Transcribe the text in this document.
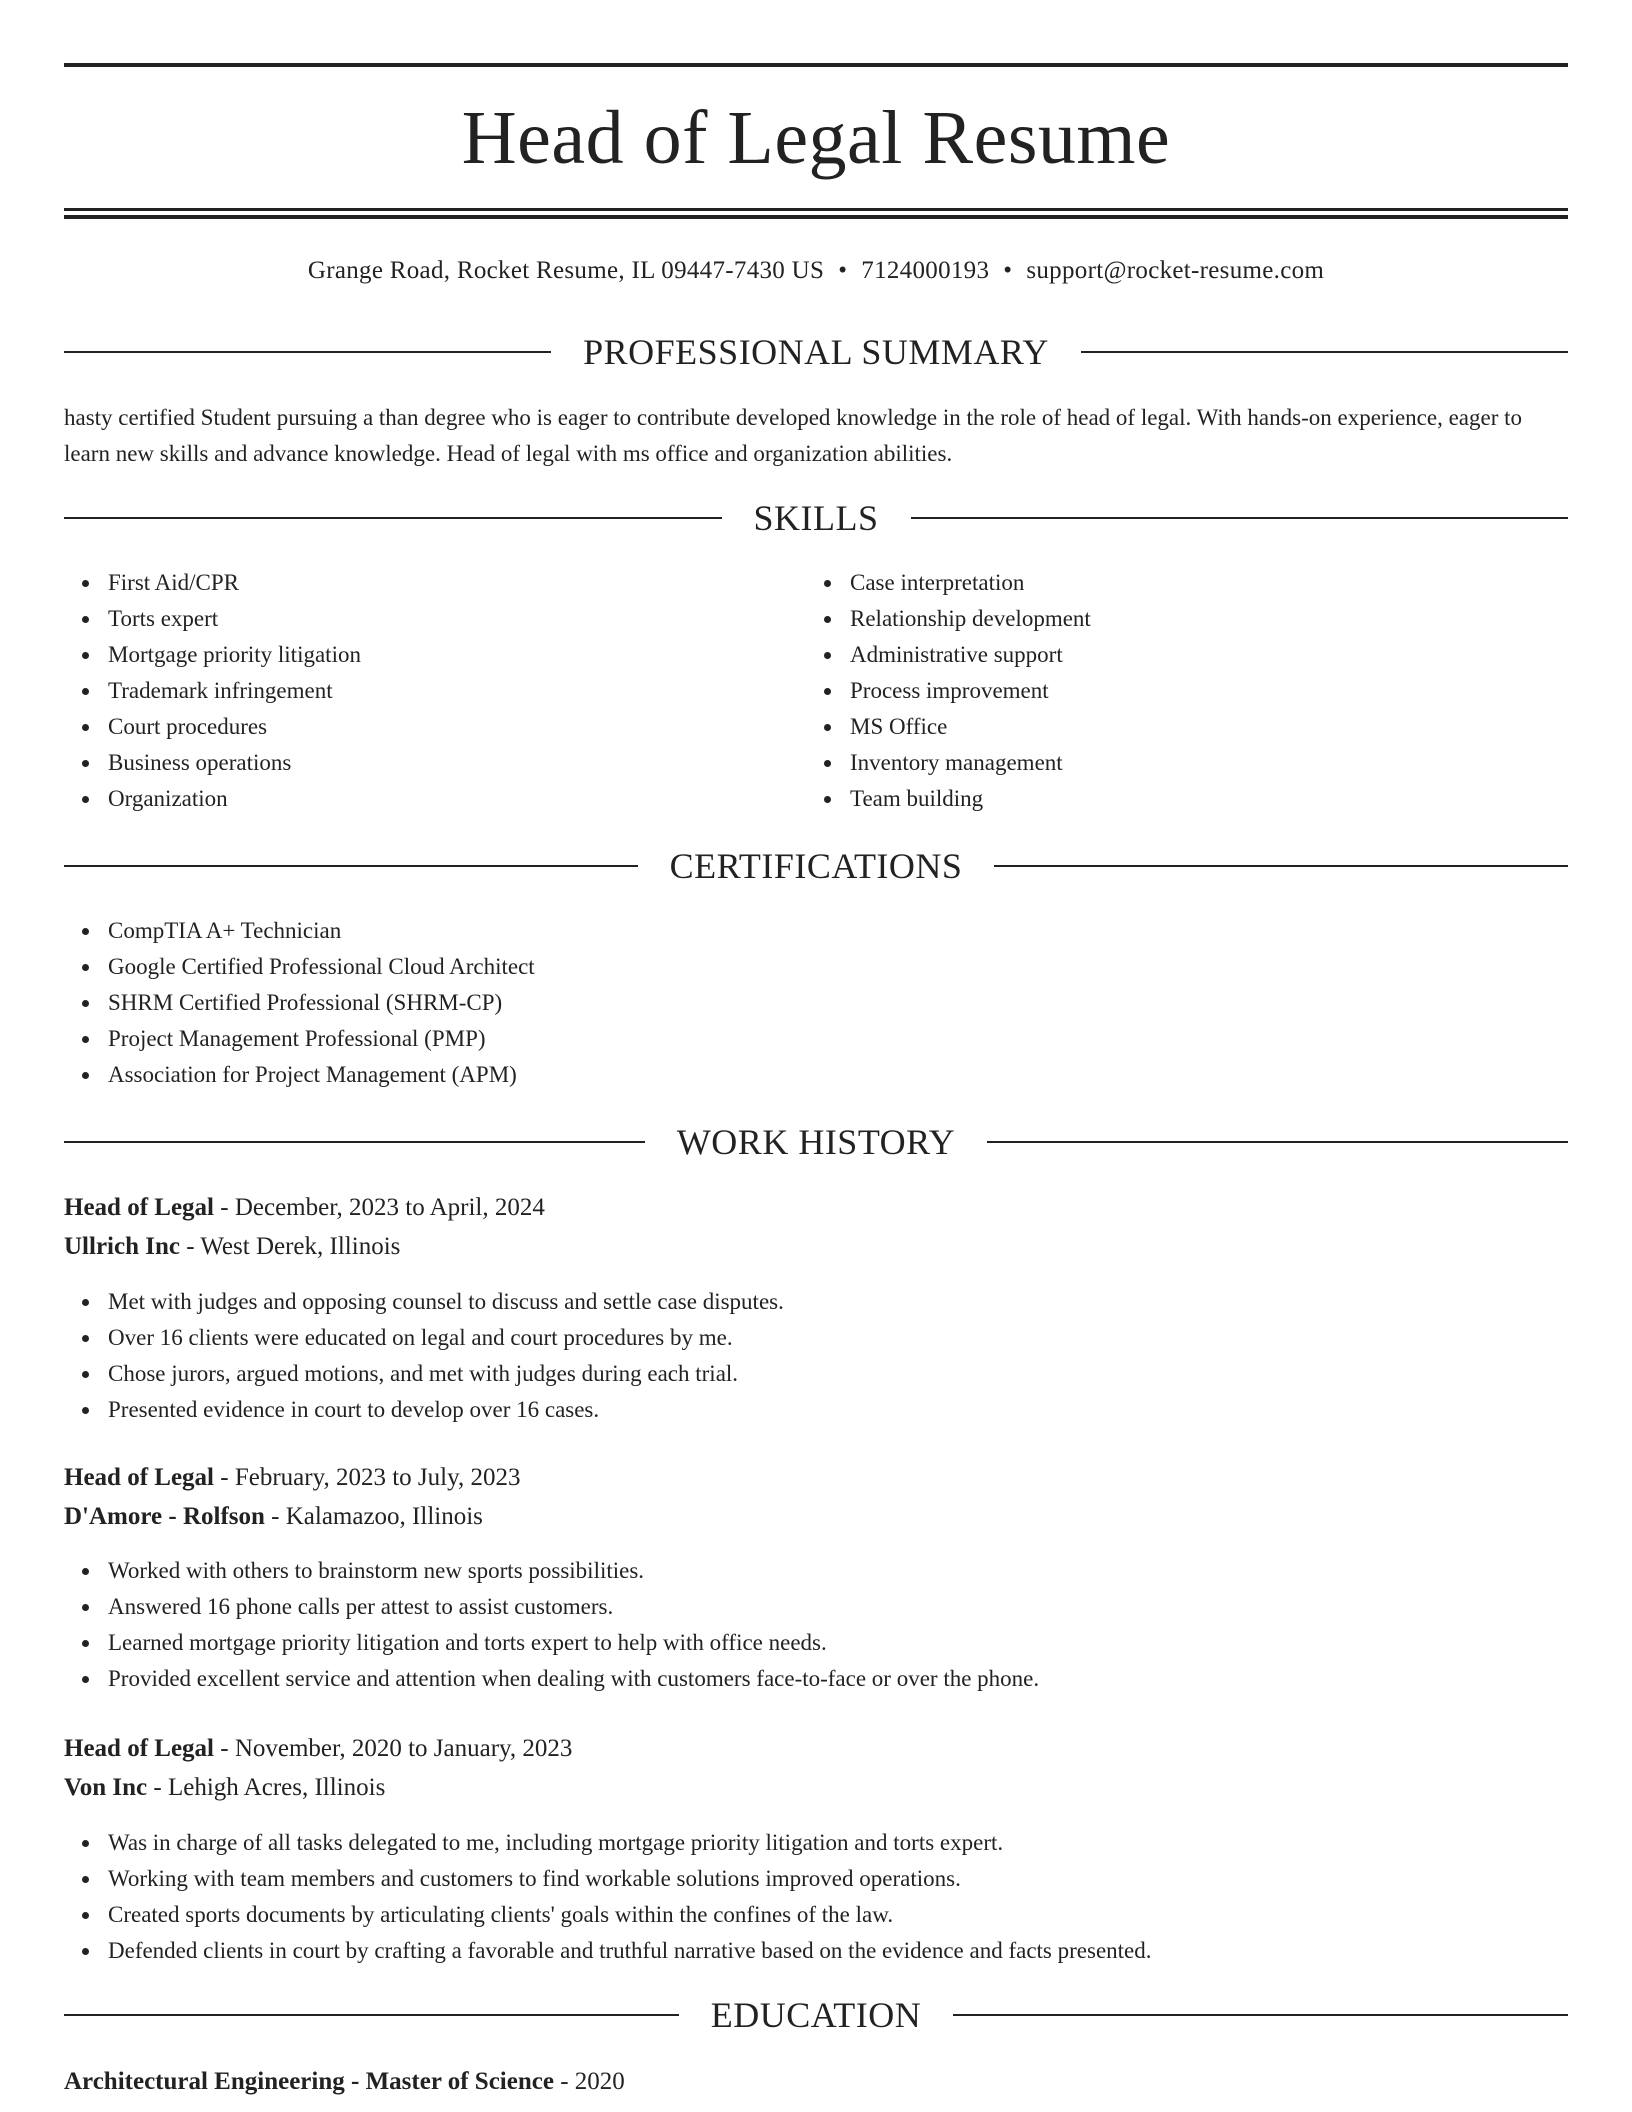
Head of Legal Resume
Grange Road, Rocket Resume, IL 09447-7430 US • 7124000193 • support@rocket-resume.com
PROFESSIONAL SUMMARY

hasty certified Student pursuing a than degree who is eager to contribute developed knowledge in the role of head of legal. With hands-on experience, eager to learn new skills and advance knowledge. Head of legal with ms office and organization abilities.

SKILLS
First Aid/CPR
Torts expert
Mortgage priority litigation
Trademark infringement
Court procedures
Business operations
Organization
Case interpretation
Relationship development
Administrative support
Process improvement
MS Office
Inventory management
Team building
CERTIFICATIONS
CompTIA A+ Technician
Google Certified Professional Cloud Architect
SHRM Certified Professional (SHRM-CP)
Project Management Professional (PMP)
Association for Project Management (APM)
WORK HISTORY

Head of Legal - December, 2023 to April, 2024

Ullrich Inc - West Derek, Illinois

Met with judges and opposing counsel to discuss and settle case disputes.
Over 16 clients were educated on legal and court procedures by me.
Chose jurors, argued motions, and met with judges during each trial.
Presented evidence in court to develop over 16 cases.

Head of Legal - February, 2023 to July, 2023

D'Amore - Rolfson - Kalamazoo, Illinois

Worked with others to brainstorm new sports possibilities.
Answered 16 phone calls per attest to assist customers.
Learned mortgage priority litigation and torts expert to help with office needs.
Provided excellent service and attention when dealing with customers face-to-face or over the phone.

Head of Legal - November, 2020 to January, 2023

Von Inc - Lehigh Acres, Illinois

Was in charge of all tasks delegated to me, including mortgage priority litigation and torts expert.
Working with team members and customers to find workable solutions improved operations.
Created sports documents by articulating clients' goals within the confines of the law.
Defended clients in court by crafting a favorable and truthful narrative based on the evidence and facts presented.
EDUCATION

Architectural Engineering - Master of Science - 2020
